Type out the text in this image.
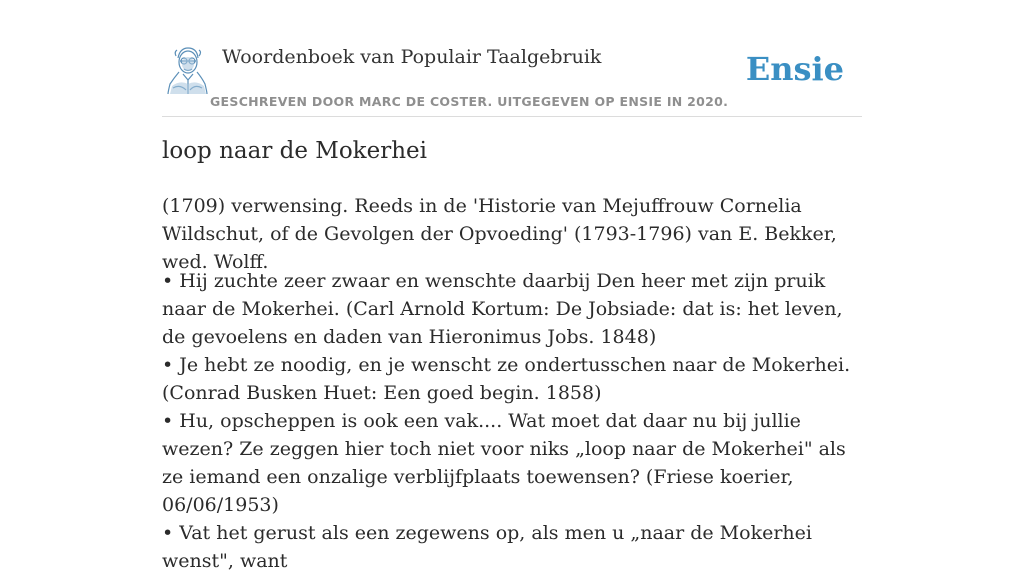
Woordenboek van Populair Taalgebruik
GESCHREVEN DOOR MARC DE COSTER. UITGEGEVEN OP ENSIE IN 2020.
Ensie
loop naar de Mokerhei

(1709) verwensing. Reeds in de 'Historie van Mejuffrouw Cornelia Wildschut, of de Gevolgen der Opvoeding' (1793-1796) van E. Bekker, wed. Wolff.

• Hij zuchte zeer zwaar en wenschte daarbij Den heer met zijn pruik naar de Mokerhei. (Carl Arnold Kortum: De Jobsiade: dat is: het leven, de gevoelens en daden van Hieronimus Jobs. 1848)
• Je hebt ze noodig, en je wenscht ze ondertusschen naar de Mokerhei. (Conrad Busken Huet: Een goed begin. 1858)
• Hu, opscheppen is ook een vak.... Wat moet dat daar nu bij jullie wezen? Ze zeggen hier toch niet voor niks „loop naar de Mokerhei" als ze iemand een onzalige verblijfplaats toewensen? (Friese koerier, 06/06/1953)
• Vat het gerust als een zegewens op, als men u „naar de Mokerhei wenst", want
